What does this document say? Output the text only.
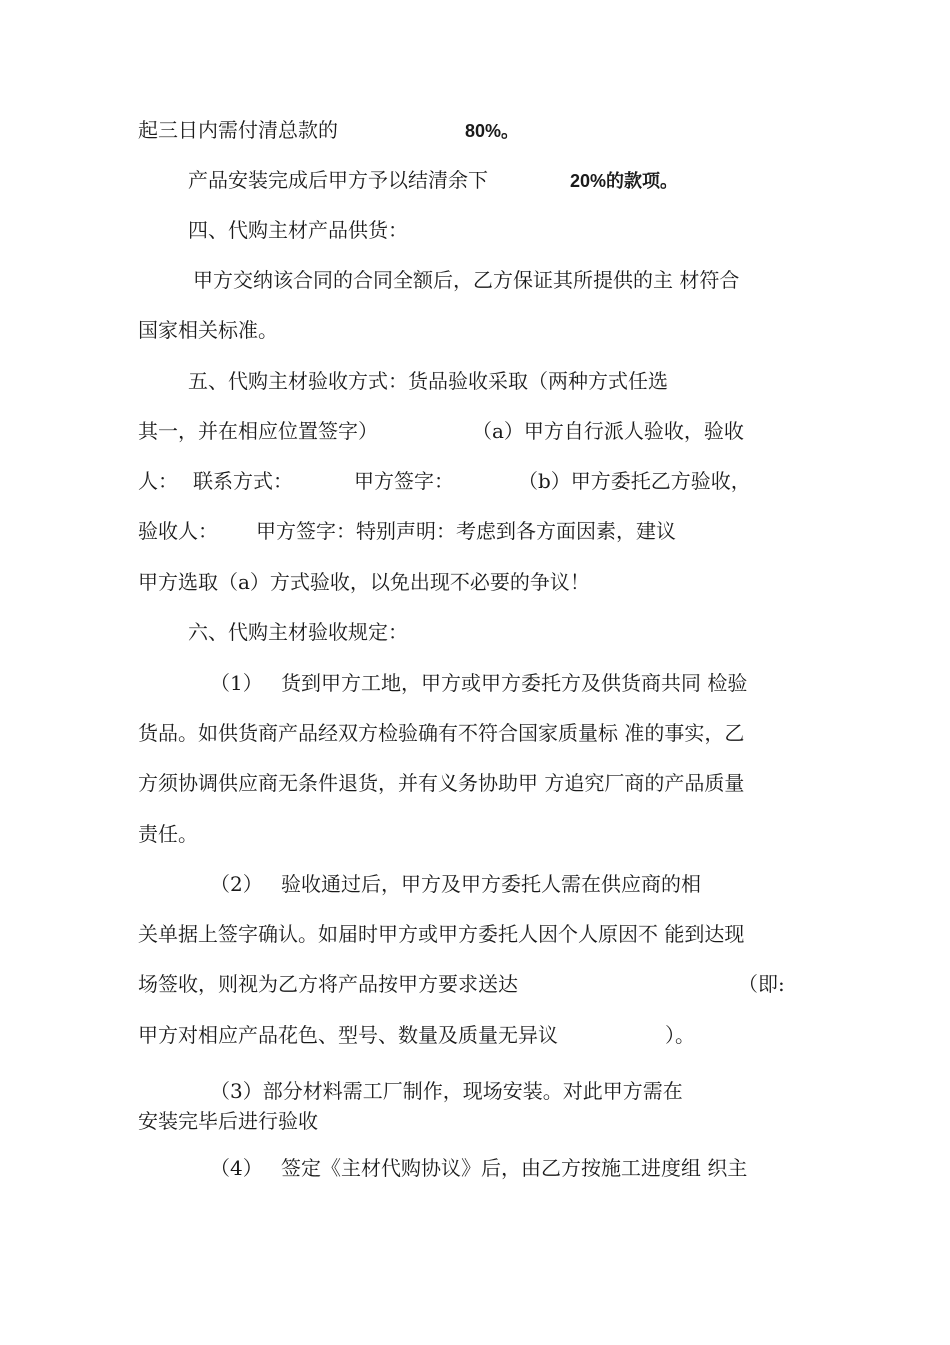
起三日内需付清总款的	80%。

产品安装完成后甲方予以结清余下	20%的款项。

四、代购主材产品供货：

甲方交纳该合同的合同全额后，乙方保证其所提供的主 材符合

国家相关标准。

五、代购主材验收方式：货品验收采取（两种方式任选

其一，并在相应位置签字）	（a）甲方自行派人验收，验收

人： 联系方式：	甲方签字：	（b）甲方委托乙方验收，

验收人： 甲方签字：特别声明：考虑到各方面因素，建议

甲方选取（a）方式验收，以免出现不必要的争议！

六、代购主材验收规定：

（1） 货到甲方工地，甲方或甲方委托方及供货商共同 检验

货品。如供货商产品经双方检验确有不符合国家质量标 准的事实，乙

方须协调供应商无条件退货，并有义务协助甲 方追究厂商的产品质量

责任。

（2） 验收通过后，甲方及甲方委托人需在供应商的相

关单据上签字确认。如届时甲方或甲方委托人因个人原因不 能到达现

场签收，则视为乙方将产品按甲方要求送达	（即:

甲方对相应产品花色、型号、数量及质量无异议	）。

（3）部分材料需工厂制作，现场安装。对此甲方需在

安装完毕后进行验收

（4） 签定《主材代购协议》后，由乙方按施工进度组 织主
